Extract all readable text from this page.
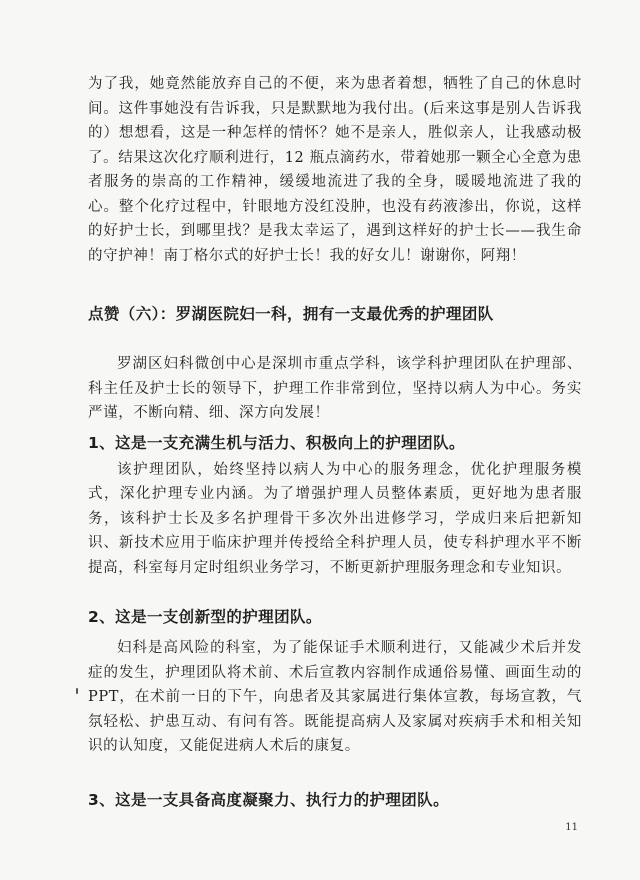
为了我，她竟然能放弃自己的不便，来为患者着想，牺牲了自己的休息时间。这件事她没有告诉我，只是默默地为我付出。(后来这事是别人告诉我的）想想看，这是一种怎样的情怀？她不是亲人，胜似亲人，让我感动极了。结果这次化疗顺利进行，12 瓶点滴药水，带着她那一颗全心全意为患者服务的崇高的工作精神，缓缓地流进了我的全身，暖暖地流进了我的心。整个化疗过程中，针眼地方没红没肿，也没有药液渗出，你说，这样的好护士长，到哪里找？是我太幸运了，遇到这样好的护士长——我生命的守护神！南丁格尔式的好护士长！我的好女儿！谢谢你，阿翔！

点赞（六）：罗湖医院妇一科，拥有一支最优秀的护理团队

罗湖区妇科微创中心是深圳市重点学科，该学科护理团队在护理部、科主任及护士长的领导下，护理工作非常到位，坚持以病人为中心。务实严谨，不断向精、细、深方向发展！

1、这是一支充满生机与活力、积极向上的护理团队。

该护理团队，始终坚持以病人为中心的服务理念，优化护理服务模式，深化护理专业内涵。为了增强护理人员整体素质，更好地为患者服务，该科护士长及多名护理骨干多次外出进修学习，学成归来后把新知识、新技术应用于临床护理并传授给全科护理人员，使专科护理水平不断提高，科室每月定时组织业务学习，不断更新护理服务理念和专业知识。

2、这是一支创新型的护理团队。

妇科是高风险的科室，为了能保证手术顺利进行，又能减少术后并发症的发生，护理团队将术前、术后宣教内容制作成通俗易懂、画面生动的 PPT，在术前一日的下午，向患者及其家属进行集体宣教，每场宣教，气氛轻松、护患互动、有问有答。既能提高病人及家属对疾病手术和相关知识的认知度，又能促进病人术后的康复。

3、这是一支具备高度凝聚力、执行力的护理团队。
11
